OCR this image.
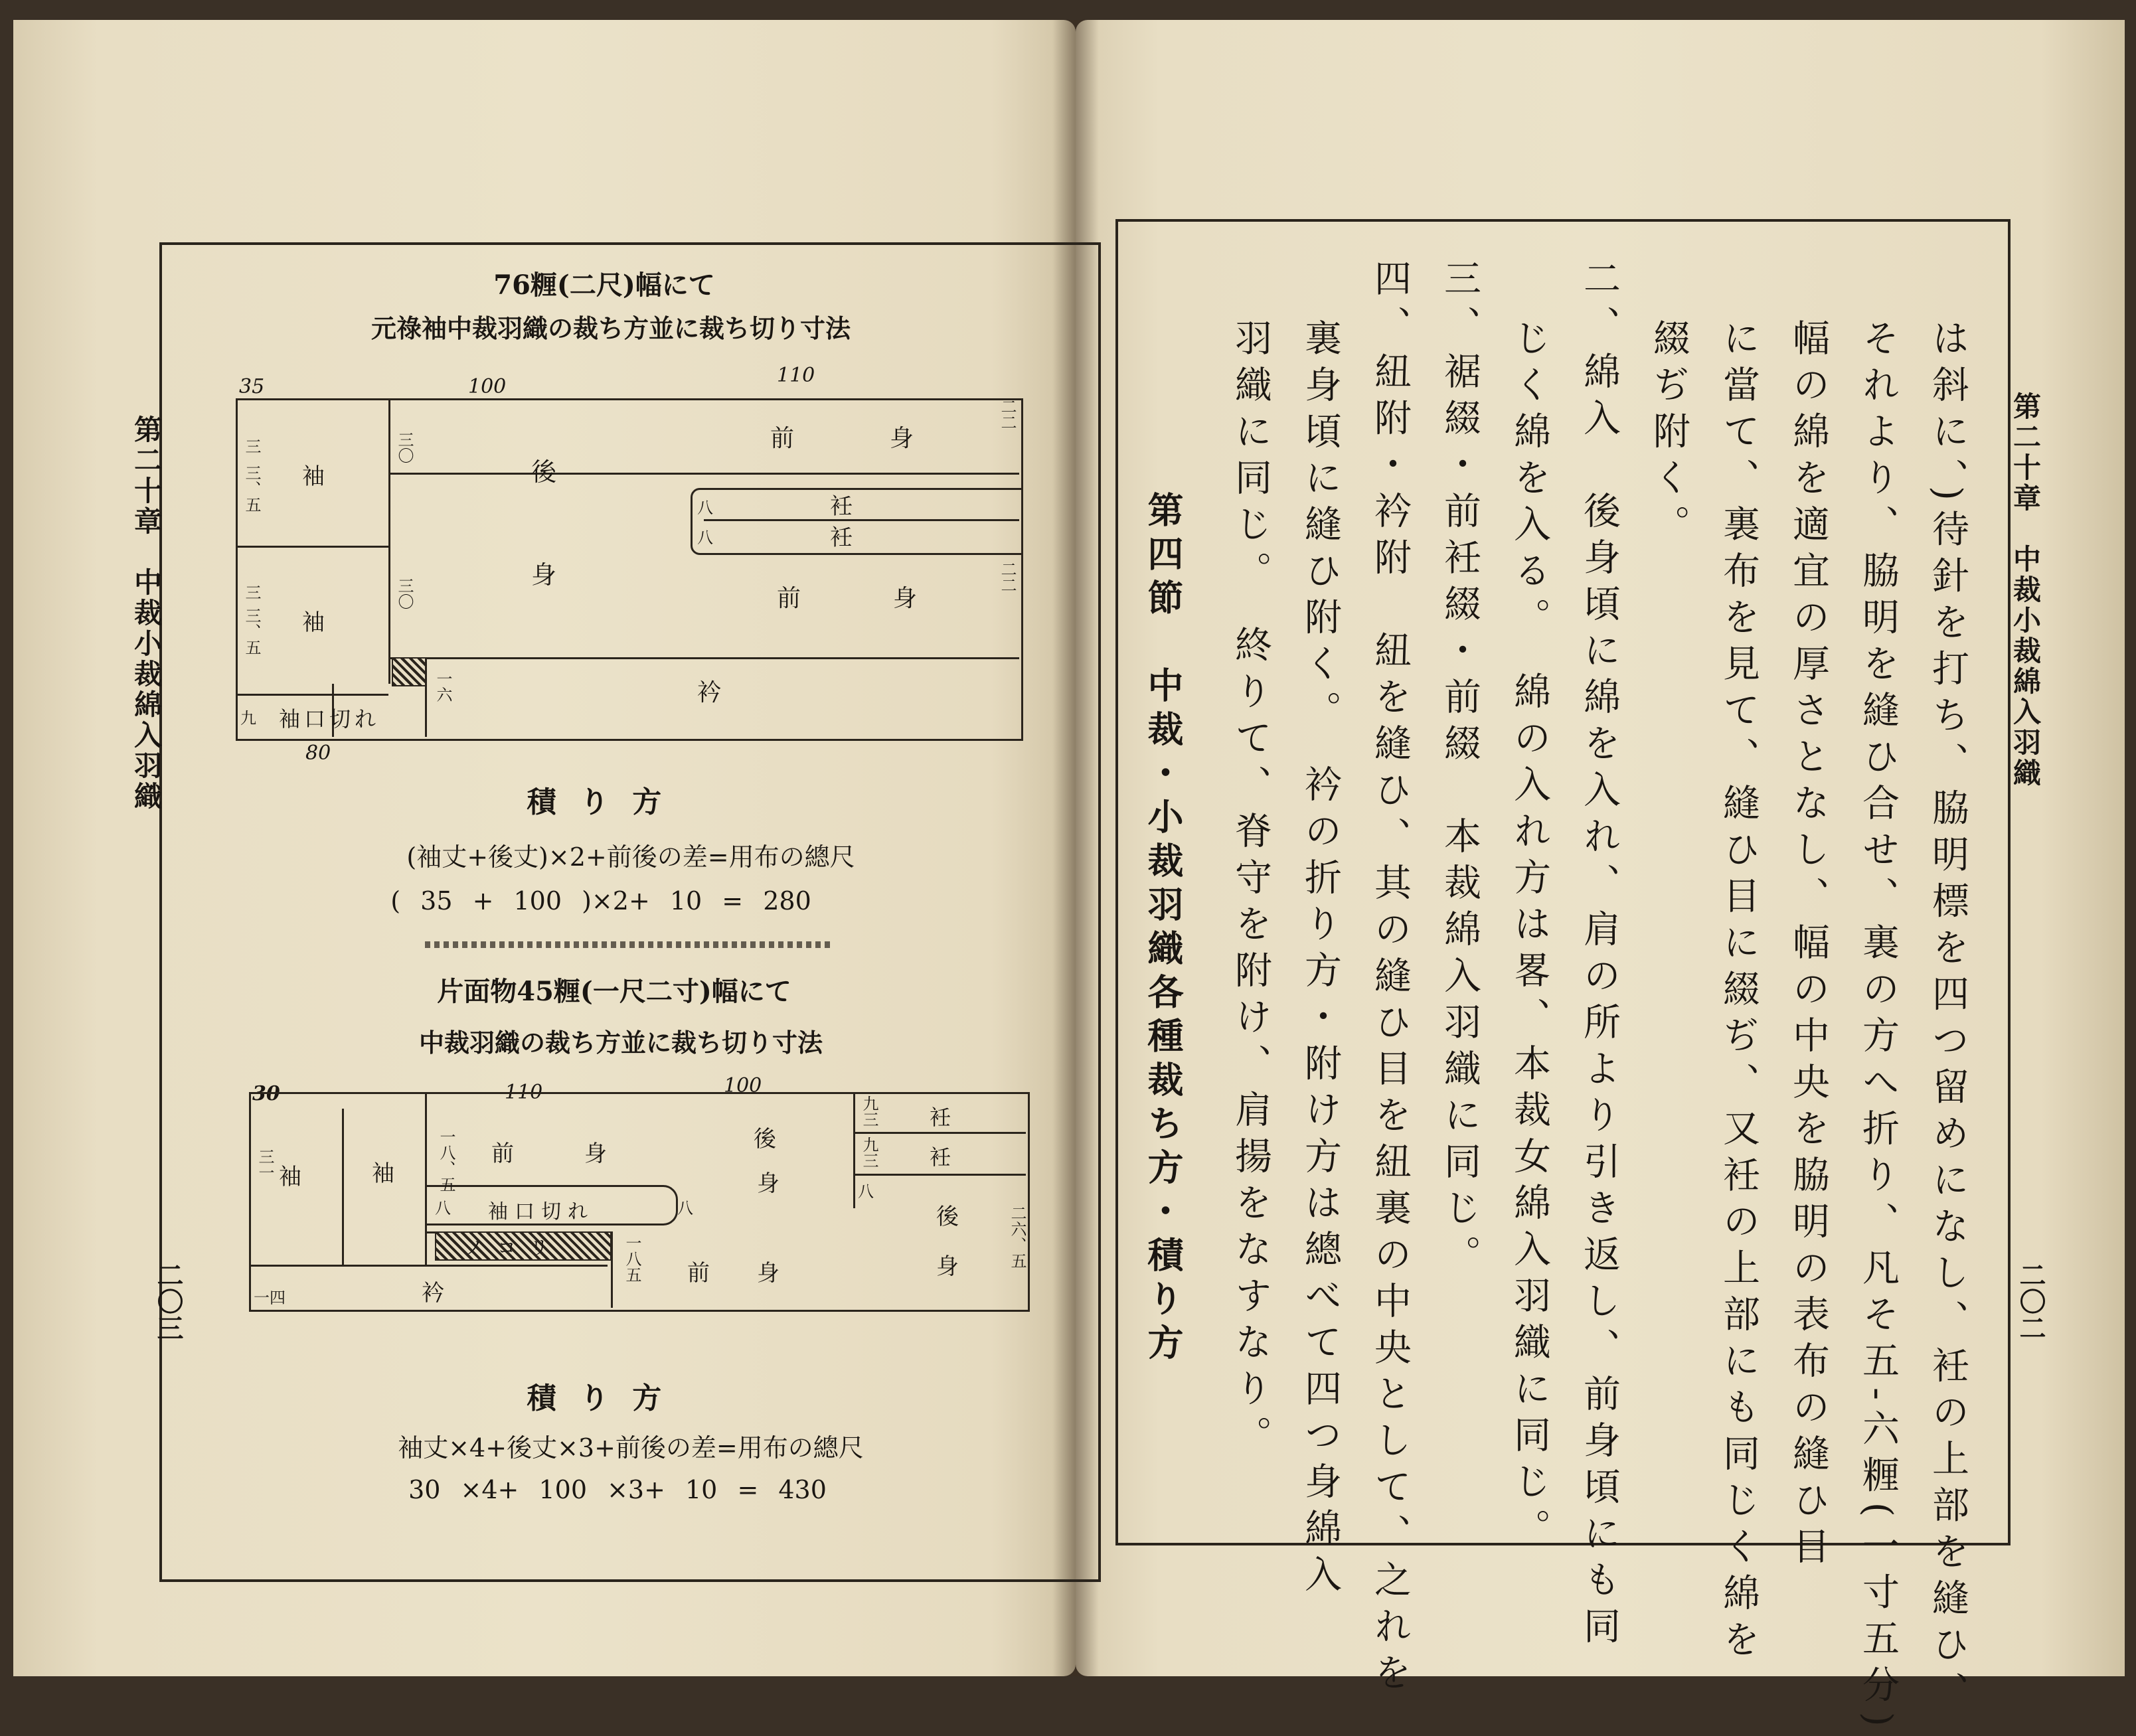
第二十章　中裁小裁綿入羽織
二〇三
76糎(二尺)幅にて
元祿袖中裁羽織の裁ち方並に裁ち切り寸法
35	100	110
80
袖
袖
後
身
前	身
衽
衽
前	身
衿
袖口切れ
三
三、五
三
三、五
三〇
三〇
二二
二二
八
八
一六
九
積 り 方
(袖丈+後丈)×2+前後の差=用布の總尺
( 35 + 100 )×2+ 10 = 280
片面物45糎(一尺二寸)幅にて
中裁羽織の裁ち方並に裁ち切り寸法
30	110	100
袖	袖
前	身
後
身
衽
衽
後
身
袖口切れ
ノ コ リ
衿
前 身
三一	一八、五
八	八
九三
九三
八
一八五	二六、五
一四
積 り 方
袖丈×4+後丈×3+前後の差=用布の總尺
30 ×4+ 100 ×3+ 10 = 430
第二十章　中裁小裁綿入羽織
二〇二
は斜に、)待針を打ち、脇明標を四つ留めになし、衽の上部を縫ひ、
それより、脇明を縫ひ合せ、裏の方へ折り、凡そ五-六糎(一寸五分)
幅の綿を適宜の厚さとなし、幅の中央を脇明の表布の縫ひ目
に當て、裏布を見て、縫ひ目に綴ぢ、又衽の上部にも同じく綿を
綴ぢ附く。
二、綿入　後身頃に綿を入れ、肩の所より引き返し、前身頃にも同
じく綿を入る。　綿の入れ方は畧、本裁女綿入羽織に同じ。
三、裾綴・前衽綴・前綴　本裁綿入羽織に同じ。
四、紐附・衿附　紐を縫ひ、其の縫ひ目を紐裏の中央として、之れを
裏身頃に縫ひ附く。　衿の折り方・附け方は總べて四つ身綿入
羽織に同じ。　終りて、脊守を附け、肩揚をなすなり。
第四節　中裁・小裁羽織各種裁ち方・積り方
